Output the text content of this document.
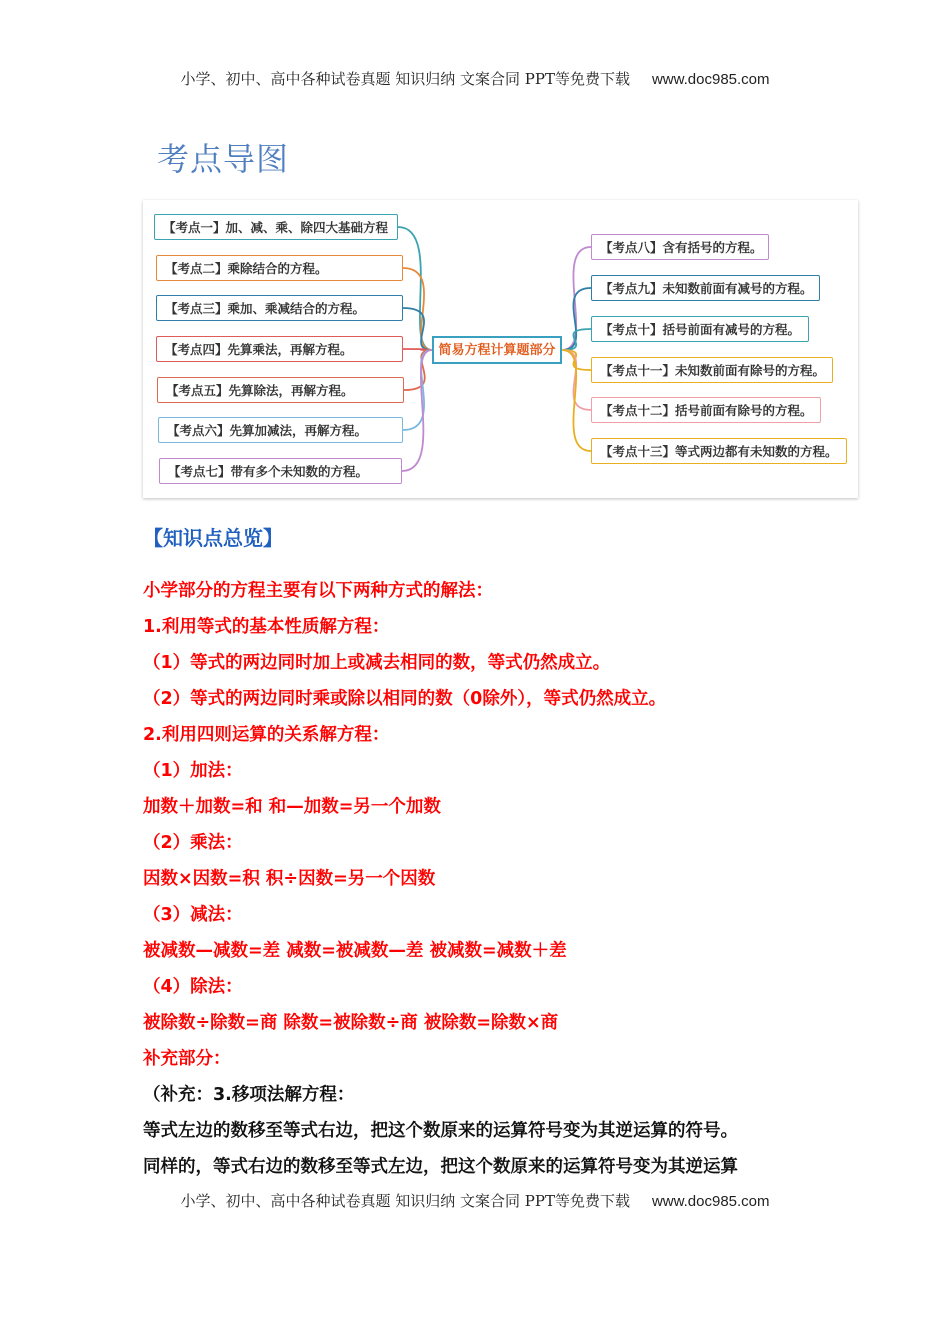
小学、初中、高中各种试卷真题 知识归纳 文案合同 PPT等免费下载 www.doc985.com
考点导图
简易方程计算题部分
【考点一】加、减、乘、除四大基础方程
【考点二】乘除结合的方程。
【考点三】乘加、乘减结合的方程。
【考点四】先算乘法，再解方程。
【考点五】先算除法，再解方程。
【考点六】先算加减法，再解方程。
【考点七】带有多个未知数的方程。
【考点八】含有括号的方程。
【考点九】未知数前面有减号的方程。
【考点十】括号前面有减号的方程。
【考点十一】未知数前面有除号的方程。
【考点十二】括号前面有除号的方程。
【考点十三】等式两边都有未知数的方程。
【知识点总览】
小学部分的方程主要有以下两种方式的解法：
1.利用等式的基本性质解方程：
（1）等式的两边同时加上或减去相同的数，等式仍然成立。
（2）等式的两边同时乘或除以相同的数（0除外），等式仍然成立。
2.利用四则运算的关系解方程：
（1）加法：
加数＋加数=和 和—加数=另一个加数
（2）乘法：
因数×因数=积 积÷因数=另一个因数
（3）减法：
被减数—减数=差 减数=被减数—差 被减数=减数＋差
（4）除法：
被除数÷除数=商 除数=被除数÷商 被除数=除数×商
补充部分：
（补充：3.移项法解方程：
等式左边的数移至等式右边，把这个数原来的运算符号变为其逆运算的符号。
同样的，等式右边的数移至等式左边，把这个数原来的运算符号变为其逆运算
小学、初中、高中各种试卷真题 知识归纳 文案合同 PPT等免费下载 www.doc985.com
